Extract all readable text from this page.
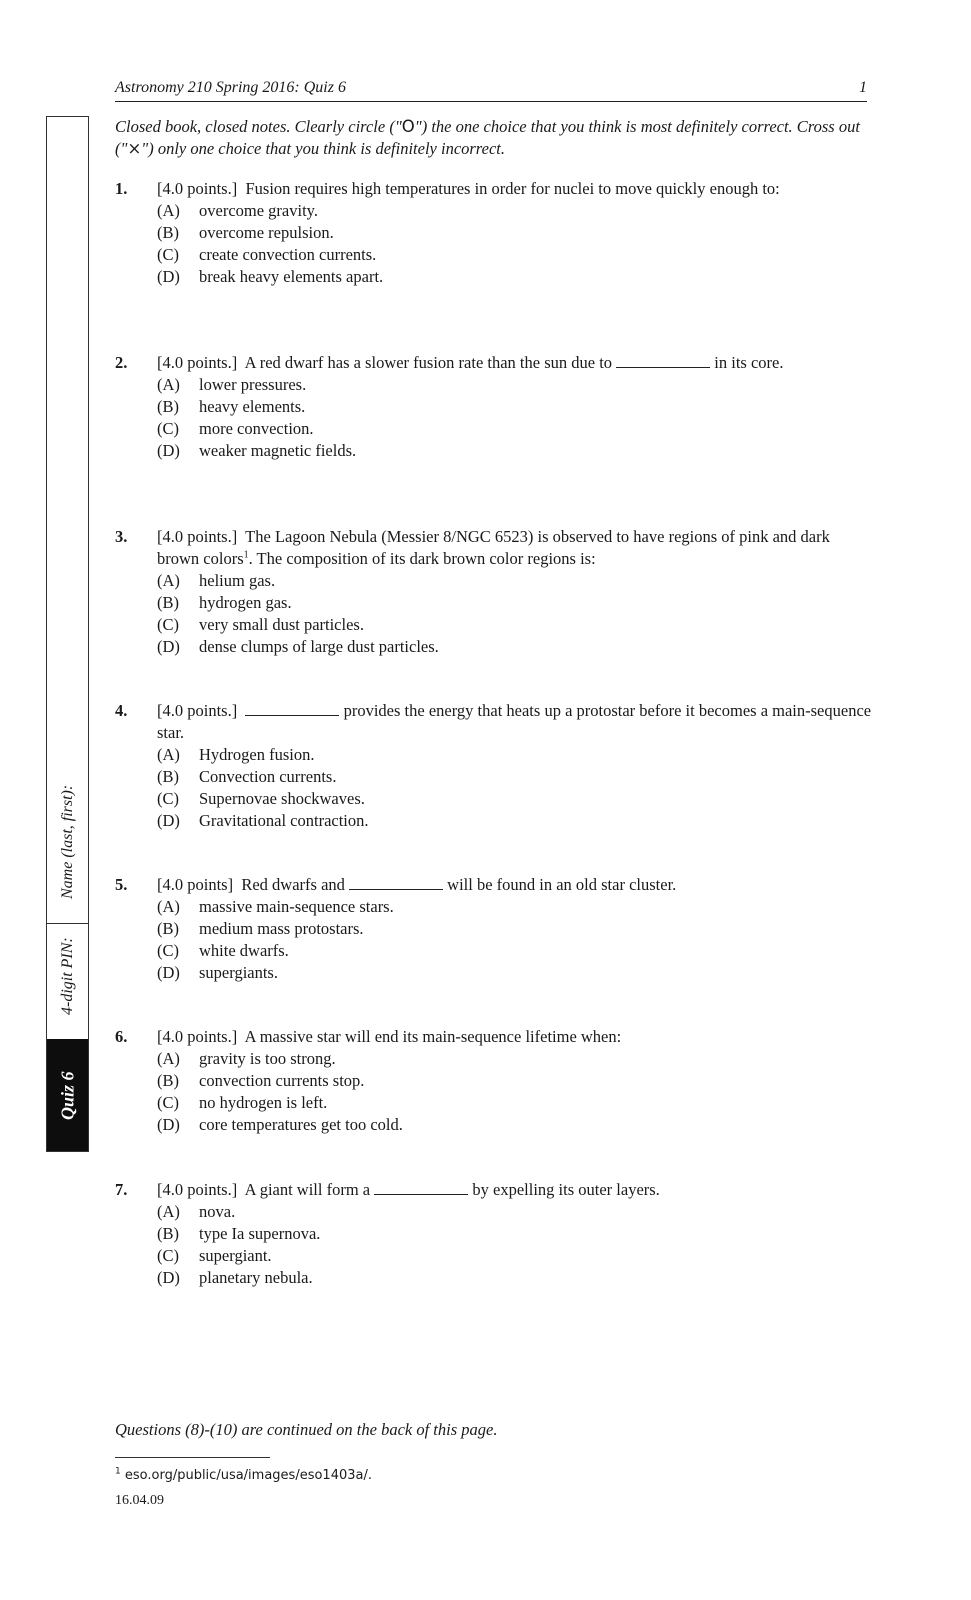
Astronomy 210 Spring 2016: Quiz 6	1
Name (last, first):
4-digit PIN:
Quiz 6
Closed book, closed notes. Clearly circle ("O") the one choice that you think is most definitely correct. Cross out ("×") only one choice that you think is definitely incorrect.
1. [4.0 points.] Fusion requires high temperatures in order for nuclei to move quickly enough to:
(A)	overcome gravity.
(B)	overcome repulsion.
(C)	create convection currents.
(D)	break heavy elements apart.
2. [4.0 points.] A red dwarf has a slower fusion rate than the sun due to	in its core.
(A)	lower pressures.
(B)	heavy elements.
(C)	more convection.
(D)	weaker magnetic fields.
3. [4.0 points.] The Lagoon Nebula (Messier 8/NGC 6523) is observed to have regions of pink and dark brown colors$^1$. The composition of its dark brown color regions is:
(A)	helium gas.
(B)	hydrogen gas.
(C)	very small dust particles.
(D)	dense clumps of large dust particles.
4. [4.0 points.]	provides the energy that heats up a protostar before it becomes a main-sequence star.
(A)	Hydrogen fusion.
(B)	Convection currents.
(C)	Supernovae shockwaves.
(D)	Gravitational contraction.
5. [4.0 points] Red dwarfs and	will be found in an old star cluster.
(A)	massive main-sequence stars.
(B)	medium mass protostars.
(C)	white dwarfs.
(D)	supergiants.
6. [4.0 points.] A massive star will end its main-sequence lifetime when:
(A)	gravity is too strong.
(B)	convection currents stop.
(C)	no hydrogen is left.
(D)	core temperatures get too cold.
7. [4.0 points.] A giant will form a	by expelling its outer layers.
(A)	nova.
(B)	type Ia supernova.
(C)	supergiant.
(D)	planetary nebula.
Questions (8)-(10) are continued on the back of this page.
$^1$ eso.org/public/usa/images/eso1403a/.
16.04.09
